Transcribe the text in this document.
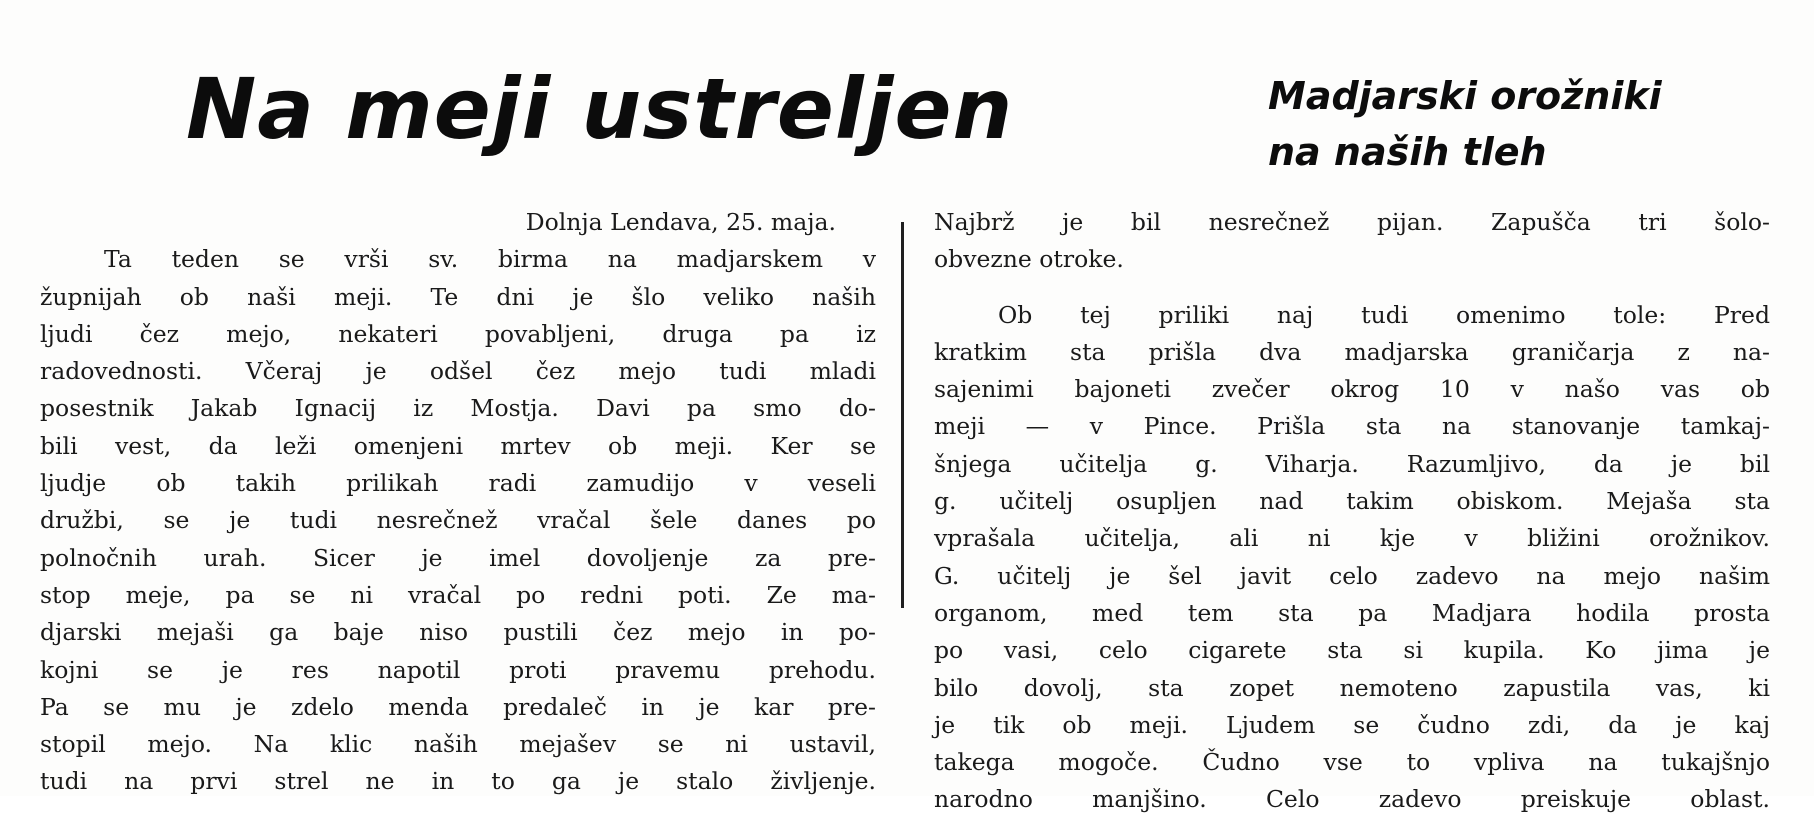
Na meji ustreljen	Madjarski orožniki
na naših tleh
Dolnja Lendava, 25. maja.
Ta teden se vrši sv. birma na madjarskem v
župnijah ob naši meji. Te dni je šlo veliko naših
ljudi čez mejo, nekateri povabljeni, druga pa iz
radovednosti. Včeraj je odšel čez mejo tudi mladi
posestnik Jakab Ignacij iz Mostja. Davi pa smo do-
bili vest, da leži omenjeni mrtev ob meji. Ker se
ljudje ob takih prilikah radi zamudijo v veseli
družbi, se je tudi nesrečnež vračal šele danes po
polnočnih urah. Sicer je imel dovoljenje za pre-
stop meje, pa se ni vračal po redni poti. Ze ma-
djarski mejaši ga baje niso pustili čez mejo in po-
kojni se je res napotil proti pravemu prehodu.
Pa se mu je zdelo menda predaleč in je kar pre-
stopil mejo. Na klic naših mejašev se ni ustavil,
tudi na prvi strel ne in to ga je stalo življenje.
Najbrž je bil nesrečnež pijan. Zapušča tri šolo-
obvezne otroke.
Ob tej priliki naj tudi omenimo tole: Pred
kratkim sta prišla dva madjarska graničarja z na-
sajenimi bajoneti zvečer okrog 10 v našo vas ob
meji — v Pince. Prišla sta na stanovanje tamkaj-
šnjega učitelja g. Viharja. Razumljivo, da je bil
g. učitelj osupljen nad takim obiskom. Mejaša sta
vprašala učitelja, ali ni kje v bližini orožnikov.
G. učitelj je šel javit celo zadevo na mejo našim
organom, med tem sta pa Madjara hodila prosta
po vasi, celo cigarete sta si kupila. Ko jima je
bilo dovolj, sta zopet nemoteno zapustila vas, ki
je tik ob meji. Ljudem se čudno zdi, da je kaj
takega mogoče. Čudno vse to vpliva na tukajšnjo
narodno manjšino. Celo zadevo preiskuje oblast.
